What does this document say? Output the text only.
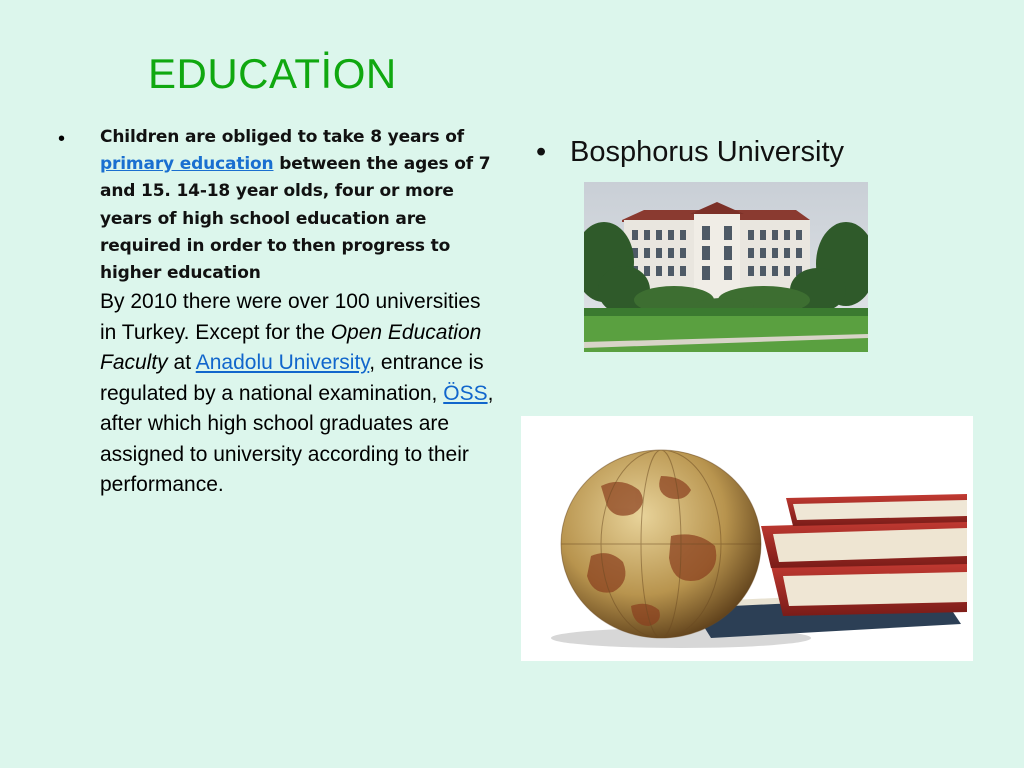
EDUCATİON
•	Children are obliged to take 8 years of primary education between the ages of 7 and 15. 14-18 year olds, four or more years of high school education are required in order to then progress to higher education
By 2010 there were over 100 universities in Turkey. Except for the Open Education Faculty at Anadolu University, entrance is regulated by a national examination, ÖSS, after which high school graduates are assigned to university according to their performance.
• Bosphorus University
